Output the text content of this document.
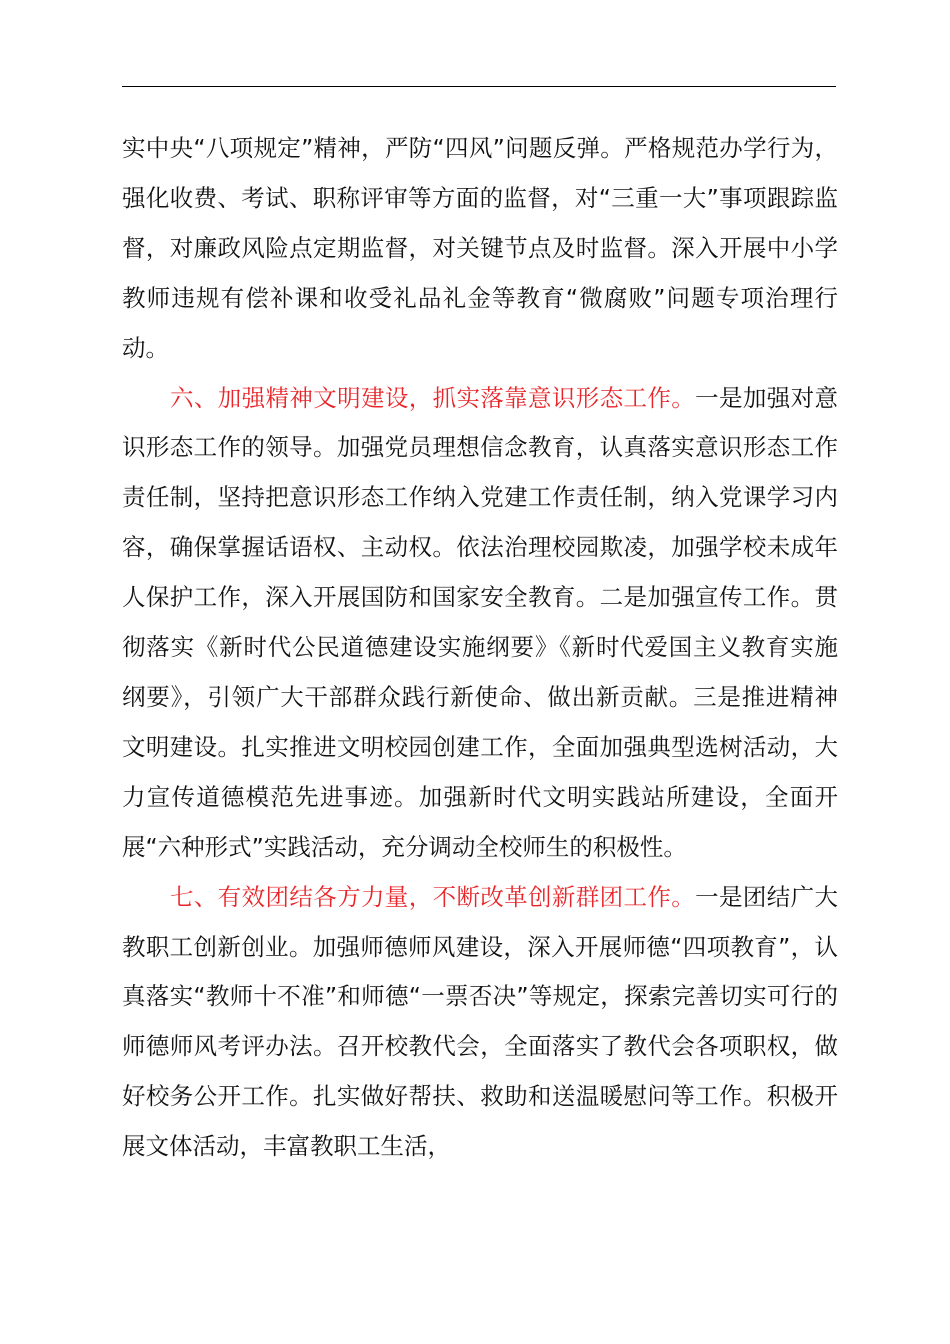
实中央“八项规定”精神，严防“四风”问题反弹。严格规范办学行为，强化收费、考试、职称评审等方面的监督，对“三重一大”事项跟踪监督，对廉政风险点定期监督，对关键节点及时监督。深入开展中小学教师违规有偿补课和收受礼品礼金等教育“微腐败”问题专项治理行动。

六、加强精神文明建设，抓实落靠意识形态工作。一是加强对意识形态工作的领导。加强党员理想信念教育，认真落实意识形态工作责任制，坚持把意识形态工作纳入党建工作责任制，纳入党课学习内容，确保掌握话语权、主动权。依法治理校园欺凌，加强学校未成年人保护工作，深入开展国防和国家安全教育。二是加强宣传工作。贯彻落实《新时代公民道德建设实施纲要》《新时代爱国主义教育实施纲要》，引领广大干部群众践行新使命、做出新贡献。三是推进精神文明建设。扎实推进文明校园创建工作，全面加强典型选树活动，大力宣传道德模范先进事迹。加强新时代文明实践站所建设，全面开展“六种形式”实践活动，充分调动全校师生的积极性。

七、有效团结各方力量，不断改革创新群团工作。一是团结广大教职工创新创业。加强师德师风建设，深入开展师德“四项教育”，认真落实“教师十不准”和师德“一票否决”等规定，探索完善切实可行的师德师风考评办法。召开校教代会，全面落实了教代会各项职权，做好校务公开工作。扎实做好帮扶、救助和送温暖慰问等工作。积极开展文体活动，丰富教职工生活，
